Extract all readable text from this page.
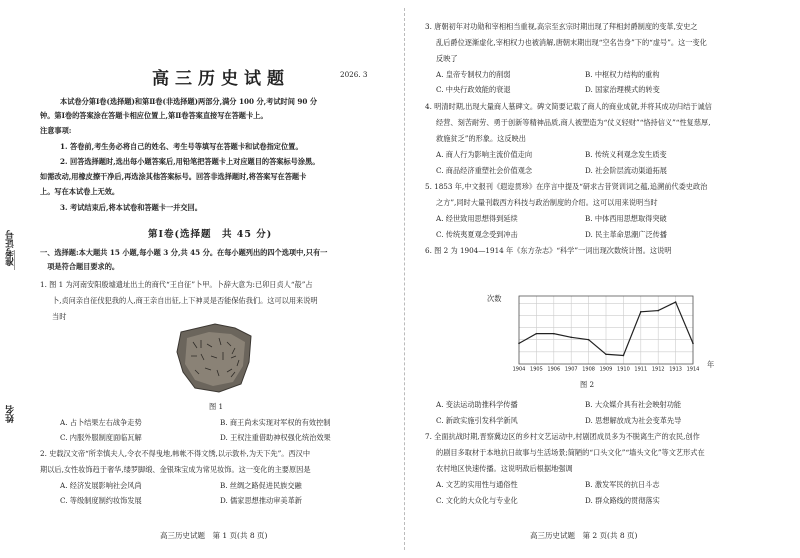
准考证号
姓名
高三历史试题	2026. 3
本试卷分第Ⅰ卷(选择题)和第Ⅱ卷(非选择题)两部分,满分 100 分,考试时间 90 分
钟。第Ⅰ卷的答案涂在答题卡相应位置上,第Ⅱ卷答案直接写在答题卡上。
注意事项:
1. 答卷前,考生务必将自己的姓名、考生号等填写在答题卡和试卷指定位置。
2. 回答选择题时,选出每小题答案后,用铅笔把答题卡上对应题目的答案标号涂黑。
如需改动,用橡皮擦干净后,再选涂其他答案标号。回答非选择题时,将答案写在答题卡
上。写在本试卷上无效。
3. 考试结束后,将本试卷和答题卡一并交回。
第Ⅰ卷(选择题　共 45 分)
一、选择题:本大题共 15 小题,每小题 3 分,共 45 分。在每小题列出的四个选项中,只有一
　项是符合题目要求的。
1. 图 1 为河南安阳殷墟遗址出土的商代“王自征”卜甲。卜辞大意为:已卯日贞人“㱿”占
卜,贞问亲自征伐犯我的人,商王亲自出征,上下神灵是否能保佑我们。这可以用来说明
当时
图 1
A. 占卜结果左右战争走势	B. 商王尚未实现对军权的有效控制
C. 内服外服制度面临瓦解	D. 王权注重借助神权强化统治效果
2. 史载汉文帝“所幸慎夫人,令衣不得曳地,帏帐不得文绣,以示敦朴,为天下先”。西汉中
期以后,女性妆饰趋于奢华,缕罗脚缎、金银珠宝成为常见妆饰。这一变化的主要原因是
A. 经济发展影响社会风尚	B. 丝绸之路促进民族交融
C. 等级制度制约妆饰发展	D. 儒家思想推动审美革新
高三历史试题　第 1 页(共 8 页)
3. 唐朝初年对功勋和宰相相当重视,高宗至玄宗时期出现了拜相封爵制度的变革,安史之
乱后爵位逐渐虚化,宰相权力也被消解,唐朝末期出现“空名告身”下的“虚号”。这一变化
反映了
A. 皇帝专制权力的削弱	B. 中枢权力结构的重构
C. 中央行政效能的衰退	D. 国家治理模式的转变
4. 明清时期,出现大量商人墓碑文。碑文简要记载了商人的商业成就,并将其成功归结于诚信
经营、刻苦耐劳、勇于创新等精神品质,商人被塑造为“仗义轻财”“恪持信义”“性复慈厚,
救施贫乏”的形象。这反映出
A. 商人行为影响主流价值走向	B. 传统义利观念发生质变
C. 商品经济重塑社会价值观念	D. 社会阶层流动渠道拓展
5. 1853 年,中文报刊《遐迩贯珍》在序言中提及“研求古昔贤训词之蕴,追溯前代委史政治
之方”,同时大量刊载西方科技与政治制度的介绍。这可以用来说明当时
A. 经世致用思想得到延续	B. 中体西用思想取得突破
C. 传统夷夏观念受到冲击	D. 民主革命思潮广泛传播
6. 图 2 为 1904—1914 年《东方杂志》“科学”一词出现次数统计图。这说明
1904 1905 1906 1907 1908 1909 1910 1911 1912 1913 1914
次数
年
图 2
A. 变法运动助推科学传播	B. 大众媒介具有社会映射功能
C. 新政实施引发科学新风	D. 思想解放成为社会变革先导
7. 全面抗战时期,晋察冀边区的乡村文艺运动中,村剧团成员多为不脱离生产的农民,创作
的剧目多取材于本地抗日故事与生活场景;简陋的“口头文化”“墙头文化”等文艺形式在
农村地区快速传播。这说明敌后根据地强调
A. 文艺的实用性与通俗性	B. 激发军民的抗日斗志
C. 文化的大众化与专业化	D. 群众路线的贯彻落实
高三历史试题　第 2 页(共 8 页)
